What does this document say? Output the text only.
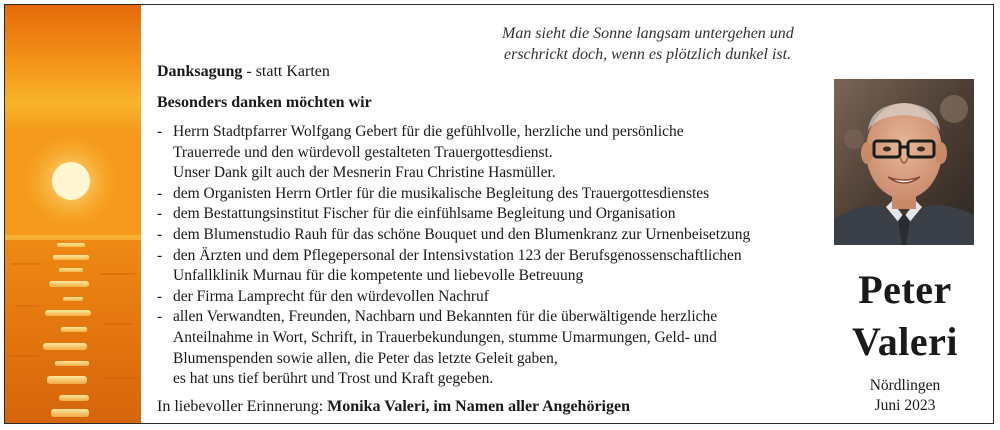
Man sieht die Sonne langsam untergehen und
erschrickt doch, wenn es plötzlich dunkel ist.
Danksagung - statt Karten
Besonders danken möchten wir
- Herrn Stadtpfarrer Wolfgang Gebert für die gefühlvolle, herzliche und persönliche
Trauerrede und den würdevoll gestalteten Trauergottesdienst.
Unser Dank gilt auch der Mesnerin Frau Christine Hasmüller.
- dem Organisten Herrn Ortler für die musikalische Begleitung des Trauergottesdienstes
- dem Bestattungsinstitut Fischer für die einfühlsame Begleitung und Organisation
- dem Blumenstudio Rauh für das schöne Bouquet und den Blumenkranz zur Urnenbeisetzung
- den Ärzten und dem Pflegepersonal der Intensivstation 123 der Berufsgenossenschaftlichen
Unfallklinik Murnau für die kompetente und liebevolle Betreuung
- der Firma Lamprecht für den würdevollen Nachruf
- allen Verwandten, Freunden, Nachbarn und Bekannten für die überwältigende herzliche
Anteilnahme in Wort, Schrift, in Trauerbekundungen, stumme Umarmungen, Geld- und
Blumenspenden sowie allen, die Peter das letzte Geleit gaben,
es hat uns tief berührt und Trost und Kraft gegeben.
In liebevoller Erinnerung: Monika Valeri, im Namen aller Angehörigen
Peter
Valeri
Nördlingen
Juni 2023
